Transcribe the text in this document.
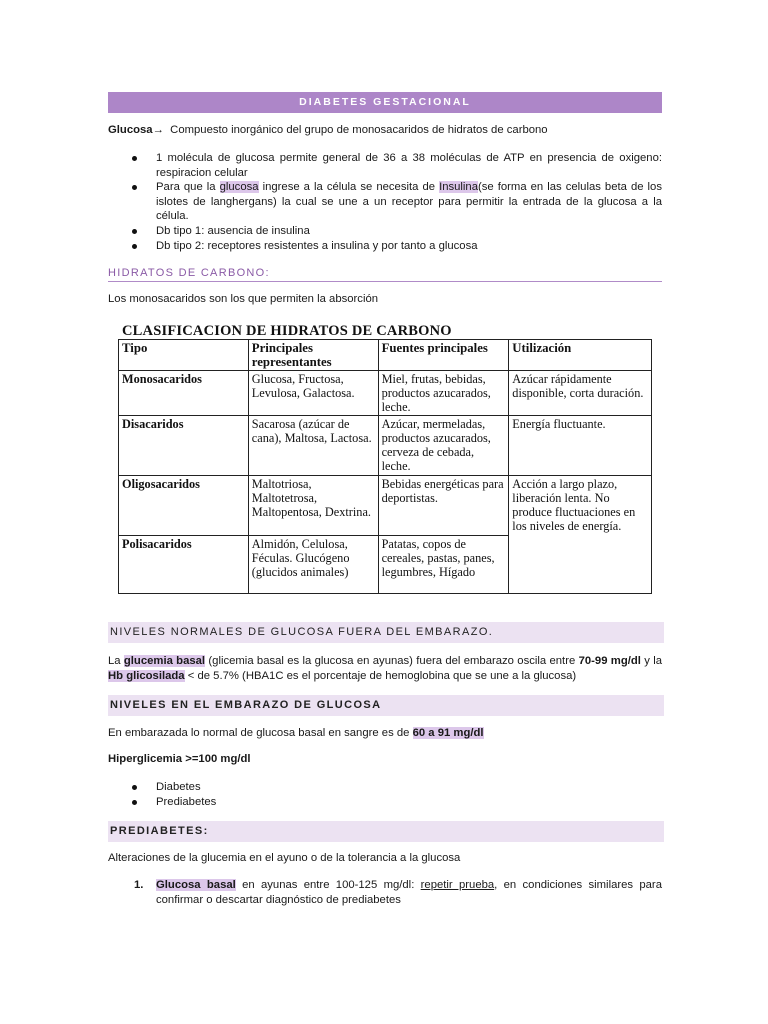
DIABETES GESTACIONAL

Glucosa→ Compuesto inorgánico del grupo de monosacaridos de hidratos de carbono

1 molécula de glucosa permite general de 36 a 38 moléculas de ATP en presencia de oxigeno: respiracion celular
Para que la glucosa ingrese a la célula se necesita de Insulina(se forma en las celulas beta de los islotes de langhergans) la cual se une a un receptor para permitir la entrada de la glucosa a la célula.
Db tipo 1: ausencia de insulina
Db tipo 2: receptores resistentes a insulina y por tanto a glucosa
HIDRATOS DE CARBONO:

Los monosacaridos son los que permiten la absorción

CLASIFICACION DE HIDRATOS DE CARBONO
Tipo	Principales representantes	Fuentes principales	Utilización
Monosacaridos	Glucosa, Fructosa, Levulosa, Galactosa.	Miel, frutas, bebidas, productos azucarados, leche.	Azúcar rápidamente disponible, corta duración.
Disacaridos	Sacarosa (azúcar de cana), Maltosa, Lactosa.	Azúcar, mermeladas, productos azucarados, cerveza de cebada, leche.	Energía fluctuante.
Oligosacaridos	Maltotriosa, Maltotetrosa, Maltopentosa, Dextrina.	Bebidas energéticas para deportistas.	Acción a largo plazo, liberación lenta. No produce fluctuaciones en los niveles de energía.
Polisacaridos	Almidón, Celulosa, Féculas. Glucógeno (glucidos animales)	Patatas, copos de cereales, pastas, panes, legumbres, Hígado	
NIVELES NORMALES DE GLUCOSA FUERA DEL EMBARAZO.

La glucemia basal (glicemia basal es la glucosa en ayunas) fuera del embarazo oscila entre 70-99 mg/dl y la Hb glicosilada < de 5.7% (HBA1C es el porcentaje de hemoglobina que se une a la glucosa)

NIVELES EN EL EMBARAZO DE GLUCOSA

En embarazada lo normal de glucosa basal en sangre es de 60 a 91 mg/dl

Hiperglicemia >=100 mg/dl

Diabetes
Prediabetes
PREDIABETES:

Alteraciones de la glucemia en el ayuno o de la tolerancia a la glucosa

1. Glucosa basal en ayunas entre 100-125 mg/dl: repetir prueba, en condiciones similares para confirmar o descartar diagnóstico de prediabetes
